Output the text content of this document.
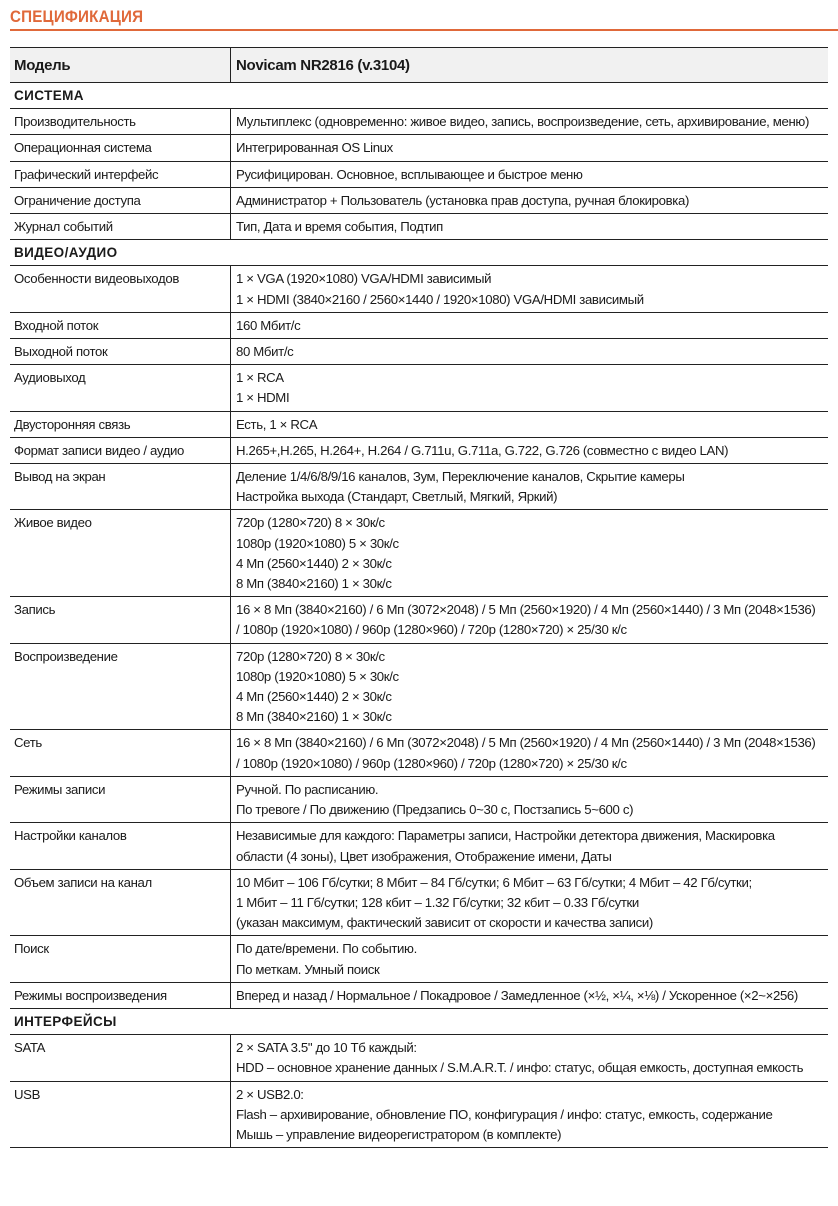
СПЕЦИФИКАЦИЯ
Модель	Novicam NR2816 (v.3104)
СИСТЕМА	
Производительность	Мультиплекс (одновременно: живое видео, запись, воспроизведение, сеть, архивирование, меню)

Операционная система	Интегрированная OS Linux

Графический интерфейс	Русифицирован. Основное, всплывающее и быстрое меню

Ограничение доступа	Администратор + Пользователь (установка прав доступа, ручная блокировка)

Журнал событий	Тип, Дата и время события, Подтип

ВИДЕО/АУДИО	
Особенности видеовыходов	1 × VGA (1920×1080) VGA/HDMI зависимый
1 × HDMI (3840×2160 / 2560×1440 / 1920×1080) VGA/HDMI зависимый

Входной поток	160 Мбит/с

Выходной поток	80 Мбит/с

Аудиовыход	1 × RCA
1 × HDMI

Двусторонняя связь	Есть, 1 × RCA

Формат записи видео / аудио	H.265+,H.265, H.264+, H.264 / G.711u, G.711a, G.722, G.726 (совместно с видео LAN)

Вывод на экран	Деление 1/4/6/8/9/16 каналов, Зум, Переключение каналов, Скрытие камеры
Настройка выхода (Стандарт, Светлый, Мягкий, Яркий)

Живое видео	720p (1280×720) 8 × 30к/с
1080p (1920×1080) 5 × 30к/с
4 Мп (2560×1440) 2 × 30к/с
8 Мп (3840×2160) 1 × 30к/с

Запись	16 × 8 Мп (3840×2160) / 6 Мп (3072×2048) / 5 Мп (2560×1920) / 4 Мп (2560×1440) / 3 Мп (2048×1536)
/ 1080p (1920×1080) / 960p (1280×960) / 720p (1280×720) × 25/30 к/с

Воспроизведение	720p (1280×720) 8 × 30к/с
1080p (1920×1080) 5 × 30к/с
4 Мп (2560×1440) 2 × 30к/с
8 Мп (3840×2160) 1 × 30к/с

Сеть	16 × 8 Мп (3840×2160) / 6 Мп (3072×2048) / 5 Мп (2560×1920) / 4 Мп (2560×1440) / 3 Мп (2048×1536)
/ 1080p (1920×1080) / 960p (1280×960) / 720p (1280×720) × 25/30 к/с

Режимы записи	Ручной. По расписанию.
По тревоге / По движению (Предзапись 0~30 с, Постзапись 5~600 с)

Настройки каналов	Независимые для каждого: Параметры записи, Настройки детектора движения, Маскировка
области (4 зоны), Цвет изображения, Отображение имени, Даты

Объем записи на канал	10 Мбит – 106 Гб/сутки; 8 Мбит – 84 Гб/сутки; 6 Мбит – 63 Гб/сутки; 4 Мбит – 42 Гб/сутки;
1 Мбит – 11 Гб/сутки; 128 кбит – 1.32 Гб/сутки; 32 кбит – 0.33 Гб/сутки
(указан максимум, фактический зависит от скорости и качества записи)

Поиск	По дате/времени. По событию.
По меткам. Умный поиск

Режимы воспроизведения	Вперед и назад / Нормальное / Покадровое / Замедленное (×½, ×¼, ×⅛) / Ускоренное (×2~×256)

ИНТЕРФЕЙСЫ	
SATA	2 × SATA 3.5" до 10 Тб каждый:
HDD – основное хранение данных / S.M.A.R.T. / инфо: статус, общая емкость, доступная емкость

USB	2 × USB2.0:
Flash – архивирование, обновление ПО, конфигурация / инфо: статус, емкость, содержание
Мышь – управление видеорегистратором (в комплекте)
